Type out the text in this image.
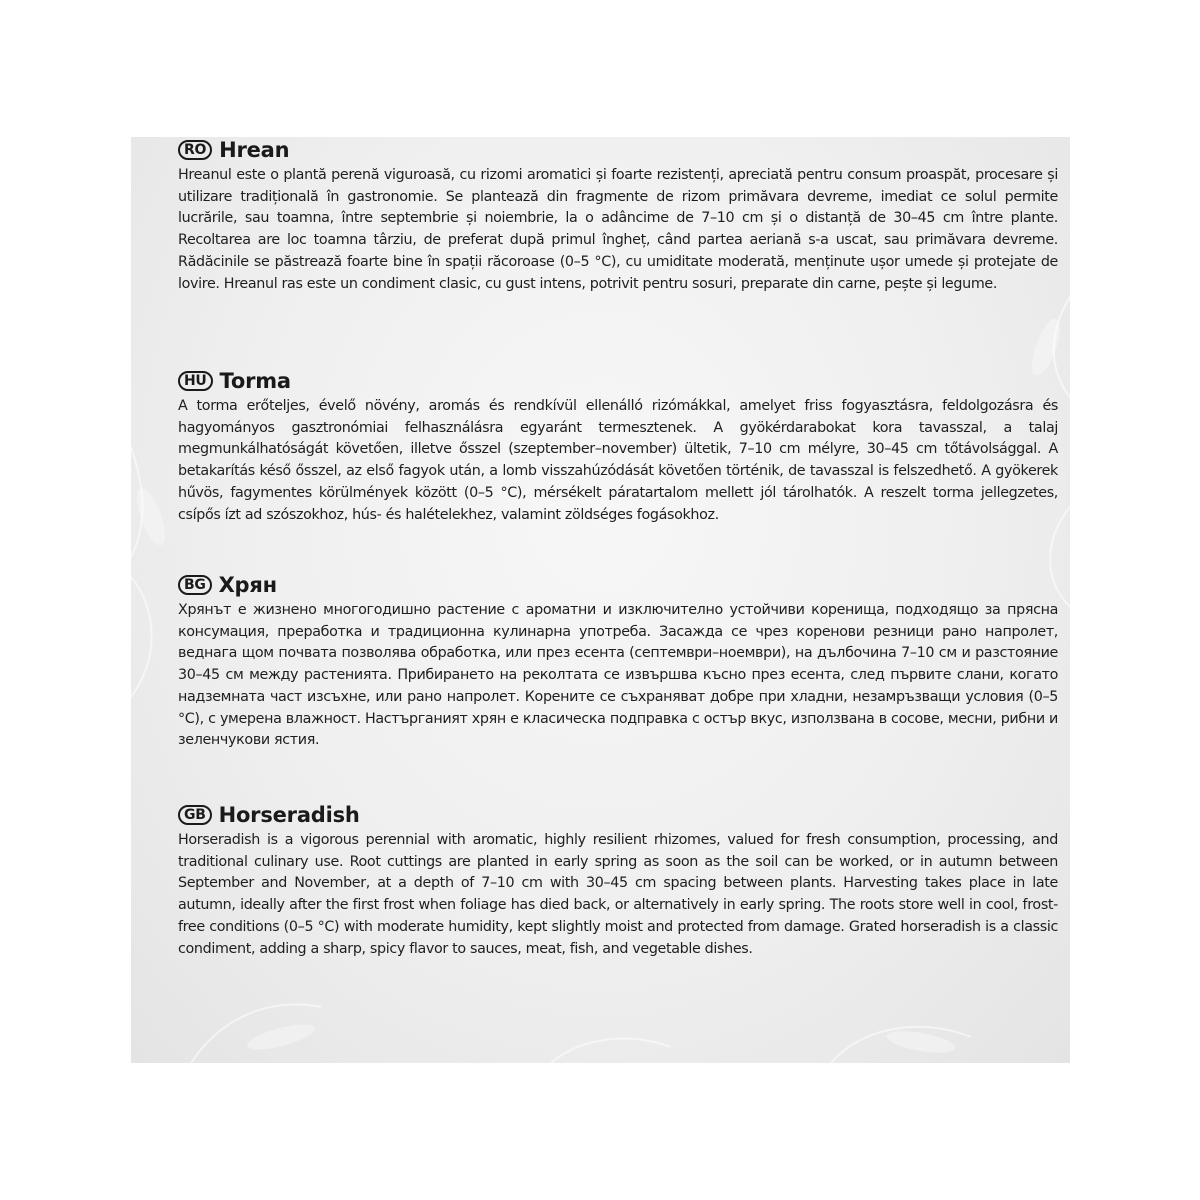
RO Hrean

Hreanul este o plantă perenă viguroasă, cu rizomi aromatici și foarte rezistenți, apreciată pentru consum proaspăt, procesare și utilizare tradițională în gastronomie. Se plantează din fragmente de rizom primăvara devreme, imediat ce solul permite lucrările, sau toamna, între septembrie și noiembrie, la o adâncime de 7–10 cm și o distanță de 30–45 cm între plante. Recoltarea are loc toamna târziu, de preferat după primul îngheț, când partea aeriană s-a uscat, sau primăvara devreme. Rădăcinile se păstrează foarte bine în spații răcoroase (0–5 °C), cu umiditate moderată, menținute ușor umede și protejate de lovire. Hreanul ras este un condiment clasic, cu gust intens, potrivit pentru sosuri, preparate din carne, pește și legume.

HU Torma

A torma erőteljes, évelő növény, aromás és rendkívül ellenálló rizómákkal, amelyet friss fogyasztásra, feldolgozásra és hagyományos gasztronómiai felhasználásra egyaránt termesztenek. A gyökérdarabokat kora tavasszal, a talaj megmunkálhatóságát követően, illetve ősszel (szeptember–november) ültetik, 7–10 cm mélyre, 30–45 cm tőtávolsággal. A betakarítás késő ősszel, az első fagyok után, a lomb visszahúzódását követően történik, de tavasszal is felszedhető. A gyökerek hűvös, fagymentes körülmények között (0–5 °C), mérsékelt páratartalom mellett jól tárolhatók. A reszelt torma jellegzetes, csípős ízt ad szószokhoz, hús- és halételekhez, valamint zöldséges fogásokhoz.

BG Хрян

Хрянът е жизнено многогодишно растение с ароматни и изключително устойчиви коренища, подходящо за прясна консумация, преработка и традиционна кулинарна употреба. Засажда се чрез коренови резници рано напролет, веднага щом почвата позволява обработка, или през есента (септември–ноември), на дълбочина 7–10 см и разстояние 30–45 см между растенията. Прибирането на реколтата се извършва късно през есента, след първите слани, когато надземната част изсъхне, или рано напролет. Корените се съхраняват добре при хладни, незамръзващи условия (0–5 °C), с умерена влажност. Настърганият хрян е класическа подправка с остър вкус, използвана в сосове, месни, рибни и зеленчукови ястия.

GB Horseradish

Horseradish is a vigorous perennial with aromatic, highly resilient rhizomes, valued for fresh consumption, processing, and traditional culinary use. Root cuttings are planted in early spring as soon as the soil can be worked, or in autumn between September and November, at a depth of 7–10 cm with 30–45 cm spacing between plants. Harvesting takes place in late autumn, ideally after the first frost when foliage has died back, or alternatively in early spring. The roots store well in cool, frost-free conditions (0–5 °C) with moderate humidity, kept slightly moist and protected from damage. Grated horseradish is a classic condiment, adding a sharp, spicy flavor to sauces, meat, fish, and vegetable dishes.
